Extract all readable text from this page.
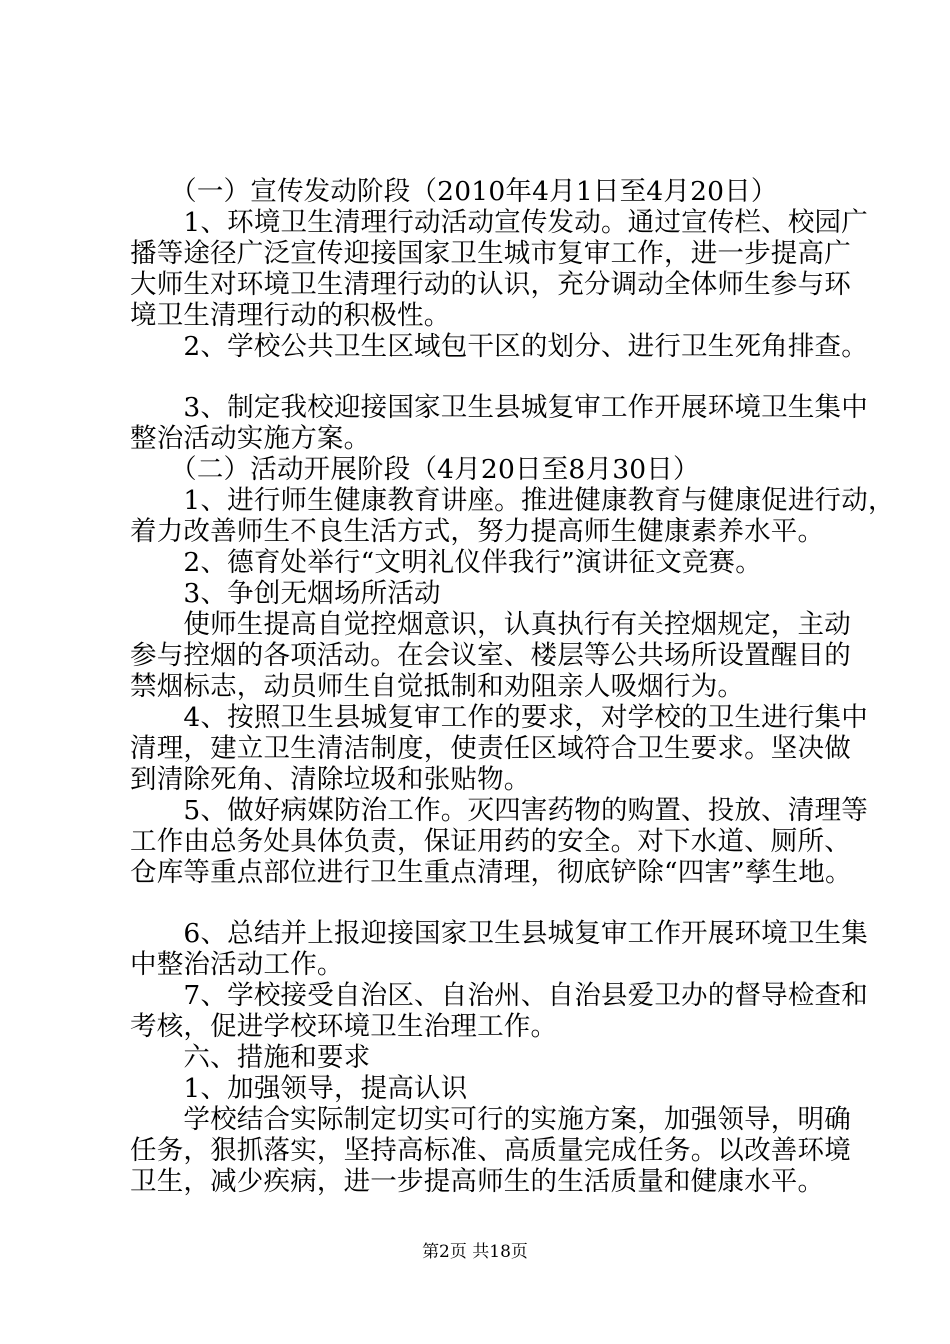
　　（一）宣传发动阶段（2010年4月1日至4月20日）
　　1、环境卫生清理行动活动宣传发动。通过宣传栏、校园广
播等途径广泛宣传迎接国家卫生城市复审工作，进一步提高广
大师生对环境卫生清理行动的认识，充分调动全体师生参与环
境卫生清理行动的积极性。
　　2、学校公共卫生区域包干区的划分、进行卫生死角排查。
　　3、制定我校迎接国家卫生县城复审工作开展环境卫生集中
整治活动实施方案。
　　（二）活动开展阶段（4月20日至8月30日）
　　1、进行师生健康教育讲座。推进健康教育与健康促进行动，
着力改善师生不良生活方式，努力提高师生健康素养水平。
　　2、德育处举行“文明礼仪伴我行”演讲征文竞赛。
　　3、争创无烟场所活动
　　使师生提高自觉控烟意识，认真执行有关控烟规定，主动
参与控烟的各项活动。在会议室、楼层等公共场所设置醒目的
禁烟标志，动员师生自觉抵制和劝阻亲人吸烟行为。
　　4、按照卫生县城复审工作的要求，对学校的卫生进行集中
清理，建立卫生清洁制度，使责任区域符合卫生要求。坚决做
到清除死角、清除垃圾和张贴物。
　　5、做好病媒防治工作。灭四害药物的购置、投放、清理等
工作由总务处具体负责，保证用药的安全。对下水道、厕所、
仓库等重点部位进行卫生重点清理，彻底铲除“四害”孳生地。
　　6、总结并上报迎接国家卫生县城复审工作开展环境卫生集
中整治活动工作。
　　7、学校接受自治区、自治州、自治县爱卫办的督导检查和
考核，促进学校环境卫生治理工作。
　　六、措施和要求
　　1、加强领导，提高认识
　　学校结合实际制定切实可行的实施方案，加强领导，明确
任务，狠抓落实，坚持高标准、高质量完成任务。以改善环境
卫生，减少疾病，进一步提高师生的生活质量和健康水平。
第2页 共18页
